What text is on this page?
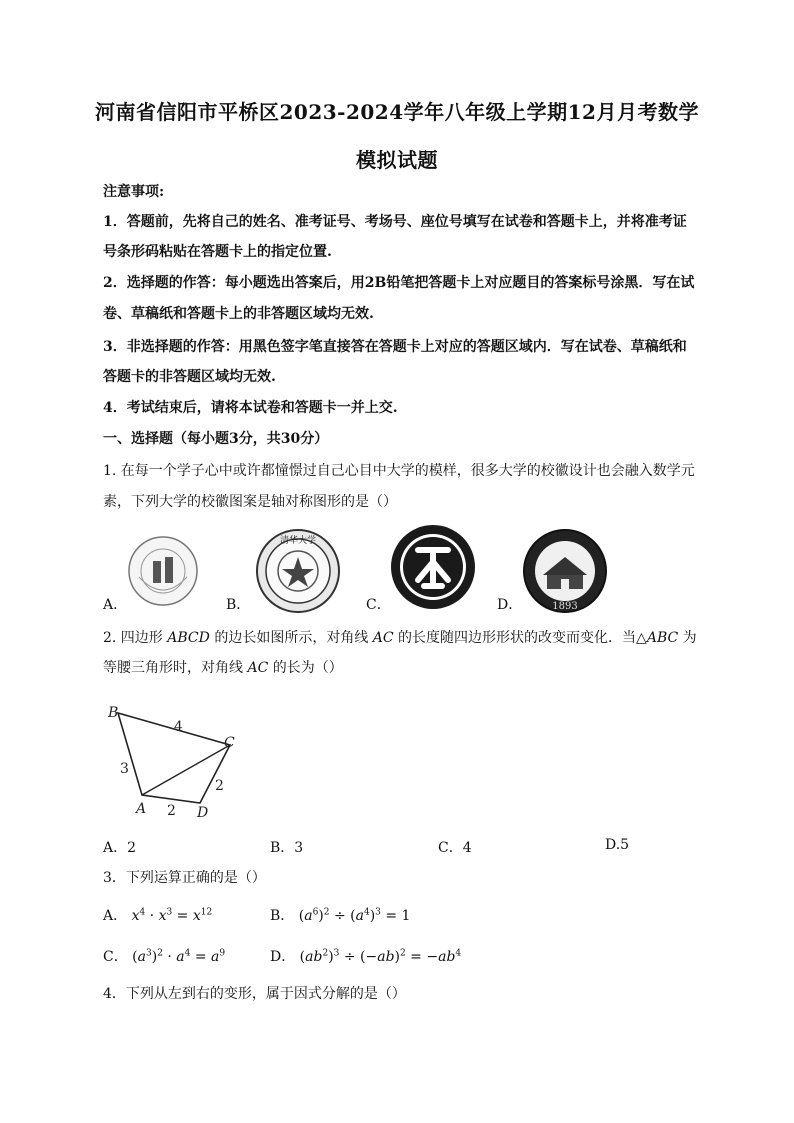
河南省信阳市平桥区2023-2024学年八年级上学期12月月考数学
模拟试题
注意事项:
1．答题前，先将自己的姓名、准考证号、考场号、座位号填写在试卷和答题卡上，并将准考证
号条形码粘贴在答题卡上的指定位置.
2．选择题的作答：每小题选出答案后，用2B铅笔把答题卡上对应题目的答案标号涂黑．写在试
卷、草稿纸和答题卡上的非答题区域均无效.
3．非选择题的作答：用黑色签字笔直接答在答题卡上对应的答题区域内．写在试卷、草稿纸和
答题卡的非答题区域均无效.
4．考试结束后，请将本试卷和答题卡一并上交.
一、选择题（每小题3分，共30分）
1. 在每一个学子心中或许都憧憬过自己心目中大学的模样，很多大学的校徽设计也会融入数学元
素，下列大学的校徽图案是轴对称图形的是（）
A．	B．
清华大学
C．	D．	1893
2. 四边形 ABCD 的边长如图所示，对角线 AC 的长度随四边形形状的改变而变化．当△ABC 为
等腰三角形时，对角线 AC 的长为（）
B
C
A	D
4
3
2
2
A．2	B．3	C．4	D.5
3．下列运算正确的是（）
A． $x^4 \cdot x^3 = x^{12}$	B． $(a^6)^2 \div (a^4)^3 = 1$
C． $(a^3)^2 \cdot a^4 = a^9$	D． $(ab^2)^3 \div (-ab)^2 = -ab^4$
4．下列从左到右的变形，属于因式分解的是（）
